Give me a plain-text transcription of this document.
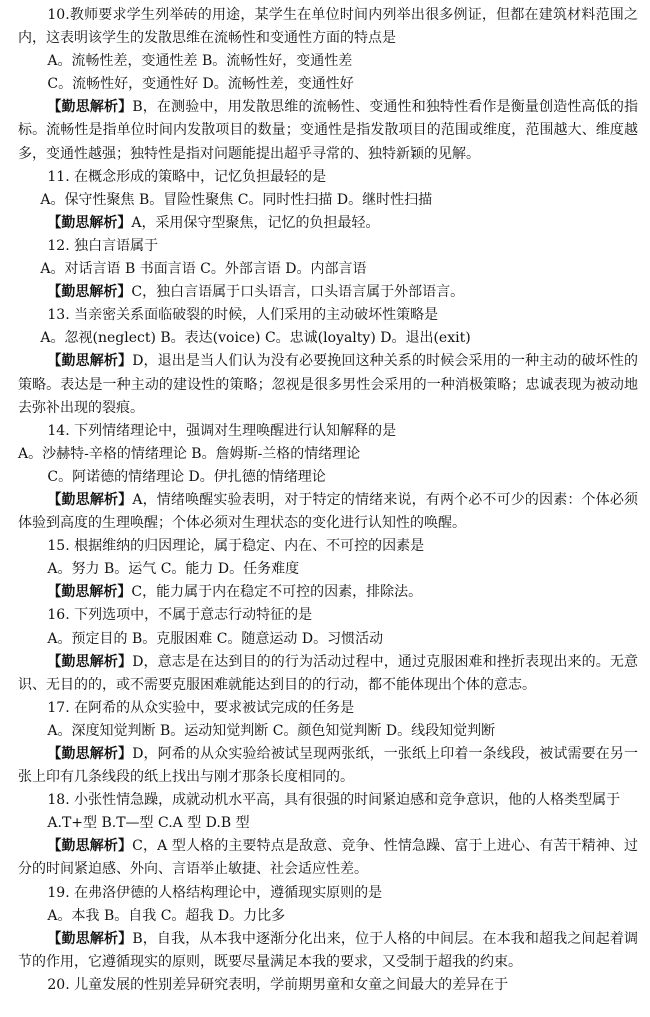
10.教师要求学生列举砖的用途，某学生在单位时间内列举出很多例证，但都在建筑材料范围之内，这表明该学生的发散思维在流畅性和变通性方面的特点是

A。流畅性差，变通性差 B。流畅性好，变通性差

C。流畅性好，变通性好 D。流畅性差，变通性好

【勤思解析】B，在测验中，用发散思维的流畅性、变通性和独特性看作是衡量创造性高低的指标。流畅性是指单位时间内发散项目的数量；变通性是指发散项目的范围或维度，范围越大、维度越多，变通性越强；独特性是指对问题能提出超乎寻常的、独特新颖的见解。

11. 在概念形成的策略中，记忆负担最轻的是

A。保守性聚焦 B。冒险性聚焦 C。同时性扫描 D。继时性扫描

【勤思解析】A，采用保守型聚焦，记忆的负担最轻。

12. 独白言语属于

A。对话言语 B 书面言语 C。外部言语 D。内部言语

【勤思解析】C，独白言语属于口头语言，口头语言属于外部语言。

13. 当亲密关系面临破裂的时候，人们采用的主动破坏性策略是

A。忽视(neglect) B。表达(voice) C。忠诚(loyalty) D。退出(exit)

【勤思解析】D，退出是当人们认为没有必要挽回这种关系的时候会采用的一种主动的破坏性的策略。表达是一种主动的建设性的策略；忽视是很多男性会采用的一种消极策略；忠诚表现为被动地去弥补出现的裂痕。

14. 下列情绪理论中，强调对生理唤醒进行认知解释的是

A。沙赫特-辛格的情绪理论 B。詹姆斯-兰格的情绪理论

C。阿诺德的情绪理论 D。伊扎德的情绪理论

【勤思解析】A，情绪唤醒实验表明，对于特定的情绪来说，有两个必不可少的因素：个体必须体验到高度的生理唤醒；个体必须对生理状态的变化进行认知性的唤醒。

15. 根据维纳的归因理论，属于稳定、内在、不可控的因素是

A。努力 B。运气 C。能力 D。任务难度

【勤思解析】C，能力属于内在稳定不可控的因素，排除法。

16. 下列选项中，不属于意志行动特征的是

A。预定目的 B。克服困难 C。随意运动 D。习惯活动

【勤思解析】D，意志是在达到目的的行为活动过程中，通过克服困难和挫折表现出来的。无意识、无目的的，或不需要克服困难就能达到目的的行动，都不能体现出个体的意志。

17. 在阿希的从众实验中，要求被试完成的任务是

A。深度知觉判断 B。运动知觉判断 C。颜色知觉判断 D。线段知觉判断

【勤思解析】D，阿希的从众实验给被试呈现两张纸，一张纸上印着一条线段，被试需要在另一张上印有几条线段的纸上找出与刚才那条长度相同的。

18. 小张性情急躁，成就动机水平高，具有很强的时间紧迫感和竞争意识，他的人格类型属于

A.T+型 B.T—型 C.A 型 D.B 型

【勤思解析】C，A 型人格的主要特点是敌意、竞争、性情急躁、富于上进心、有苦干精神、过分的时间紧迫感、外向、言语举止敏捷、社会适应性差。

19. 在弗洛伊德的人格结构理论中，遵循现实原则的是

A。本我 B。自我 C。超我 D。力比多

【勤思解析】B，自我，从本我中逐渐分化出来，位于人格的中间层。在本我和超我之间起着调节的作用，它遵循现实的原则，既要尽量满足本我的要求，又受制于超我的约束。

20. 儿童发展的性别差异研究表明，学前期男童和女童之间最大的差异在于
